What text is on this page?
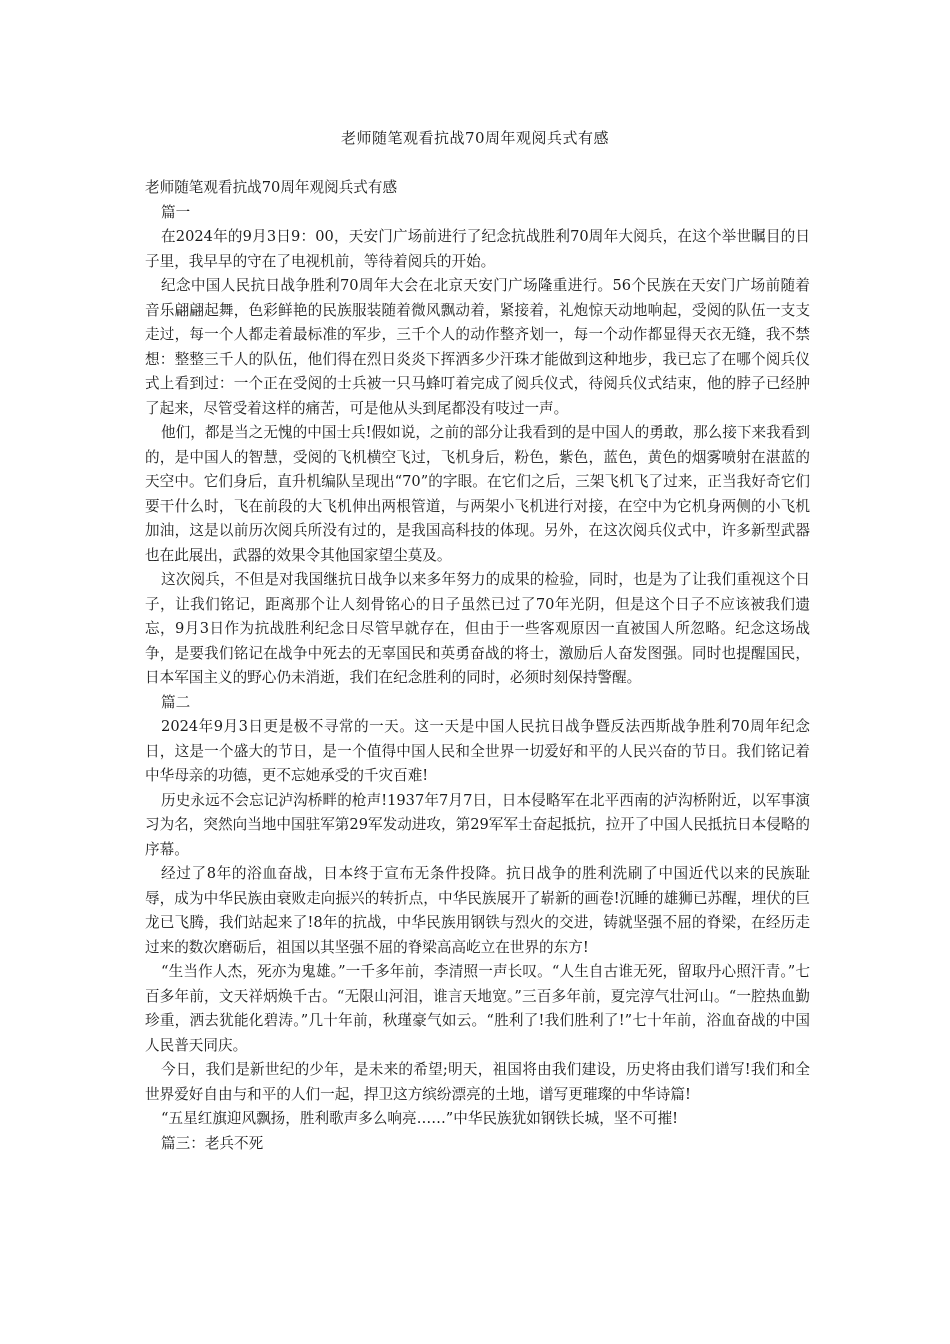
老师随笔观看抗战70周年观阅兵式有感

老师随笔观看抗战70周年观阅兵式有感

篇一

在2024年的9月3日9：00，天安门广场前进行了纪念抗战胜利70周年大阅兵，在这个举世瞩目的日子里，我早早的守在了电视机前，等待着阅兵的开始。

纪念中国人民抗日战争胜利70周年大会在北京天安门广场隆重进行。56个民族在天安门广场前随着音乐翩翩起舞，色彩鲜艳的民族服装随着微风飘动着，紧接着，礼炮惊天动地响起，受阅的队伍一支支走过，每一个人都走着最标准的军步，三千个人的动作整齐划一，每一个动作都显得天衣无缝，我不禁想：整整三千人的队伍，他们得在烈日炎炎下挥洒多少汗珠才能做到这种地步，我已忘了在哪个阅兵仪式上看到过：一个正在受阅的士兵被一只马蜂叮着完成了阅兵仪式，待阅兵仪式结束，他的脖子已经肿了起来，尽管受着这样的痛苦，可是他从头到尾都没有吱过一声。

他们，都是当之无愧的中国士兵!假如说，之前的部分让我看到的是中国人的勇敢，那么接下来我看到的，是中国人的智慧，受阅的飞机横空飞过，飞机身后，粉色，紫色，蓝色，黄色的烟雾喷射在湛蓝的天空中。它们身后，直升机编队呈现出“70”的字眼。在它们之后，三架飞机飞了过来，正当我好奇它们要干什么时，飞在前段的大飞机伸出两根管道，与两架小飞机进行对接，在空中为它机身两侧的小飞机加油，这是以前历次阅兵所没有过的，是我国高科技的体现。另外，在这次阅兵仪式中，许多新型武器也在此展出，武器的效果令其他国家望尘莫及。

这次阅兵，不但是对我国继抗日战争以来多年努力的成果的检验，同时，也是为了让我们重视这个日子，让我们铭记，距离那个让人刻骨铭心的日子虽然已过了70年光阴，但是这个日子不应该被我们遗忘，9月3日作为抗战胜利纪念日尽管早就存在，但由于一些客观原因一直被国人所忽略。纪念这场战争，是要我们铭记在战争中死去的无辜国民和英勇奋战的将士，激励后人奋发图强。同时也提醒国民，日本军国主义的野心仍未消逝，我们在纪念胜利的同时，必须时刻保持警醒。

篇二

2024年9月3日更是极不寻常的一天。这一天是中国人民抗日战争暨反法西斯战争胜利70周年纪念日，这是一个盛大的节日，是一个值得中国人民和全世界一切爱好和平的人民兴奋的节日。我们铭记着中华母亲的功德，更不忘她承受的千灾百难!

历史永远不会忘记泸沟桥畔的枪声!1937年7月7日，日本侵略军在北平西南的泸沟桥附近，以军事演习为名，突然向当地中国驻军第29军发动进攻，第29军军士奋起抵抗，拉开了中国人民抵抗日本侵略的序幕。

经过了8年的浴血奋战，日本终于宣布无条件投降。抗日战争的胜利洗刷了中国近代以来的民族耻辱，成为中华民族由衰败走向振兴的转折点，中华民族展开了崭新的画卷!沉睡的雄狮已苏醒，埋伏的巨龙已飞腾，我们站起来了!8年的抗战，中华民族用钢铁与烈火的交进，铸就坚强不屈的脊梁，在经历走过来的数次磨砺后，祖国以其坚强不屈的脊梁高高屹立在世界的东方!

“生当作人杰，死亦为鬼雄。”一千多年前，李清照一声长叹。“人生自古谁无死，留取丹心照汗青。”七百多年前，文天祥炳焕千古。“无限山河泪，谁言天地宽。”三百多年前，夏完淳气壮河山。“一腔热血勤珍重，洒去犹能化碧涛。”几十年前，秋瑾豪气如云。“胜利了!我们胜利了!”七十年前，浴血奋战的中国人民普天同庆。

今日，我们是新世纪的少年，是未来的希望;明天，祖国将由我们建设，历史将由我们谱写!我们和全世界爱好自由与和平的人们一起，捍卫这方缤纷漂亮的土地，谱写更璀璨的中华诗篇!

“五星红旗迎风飘扬，胜利歌声多么响亮……”中华民族犹如钢铁长城，坚不可摧!

篇三：老兵不死
